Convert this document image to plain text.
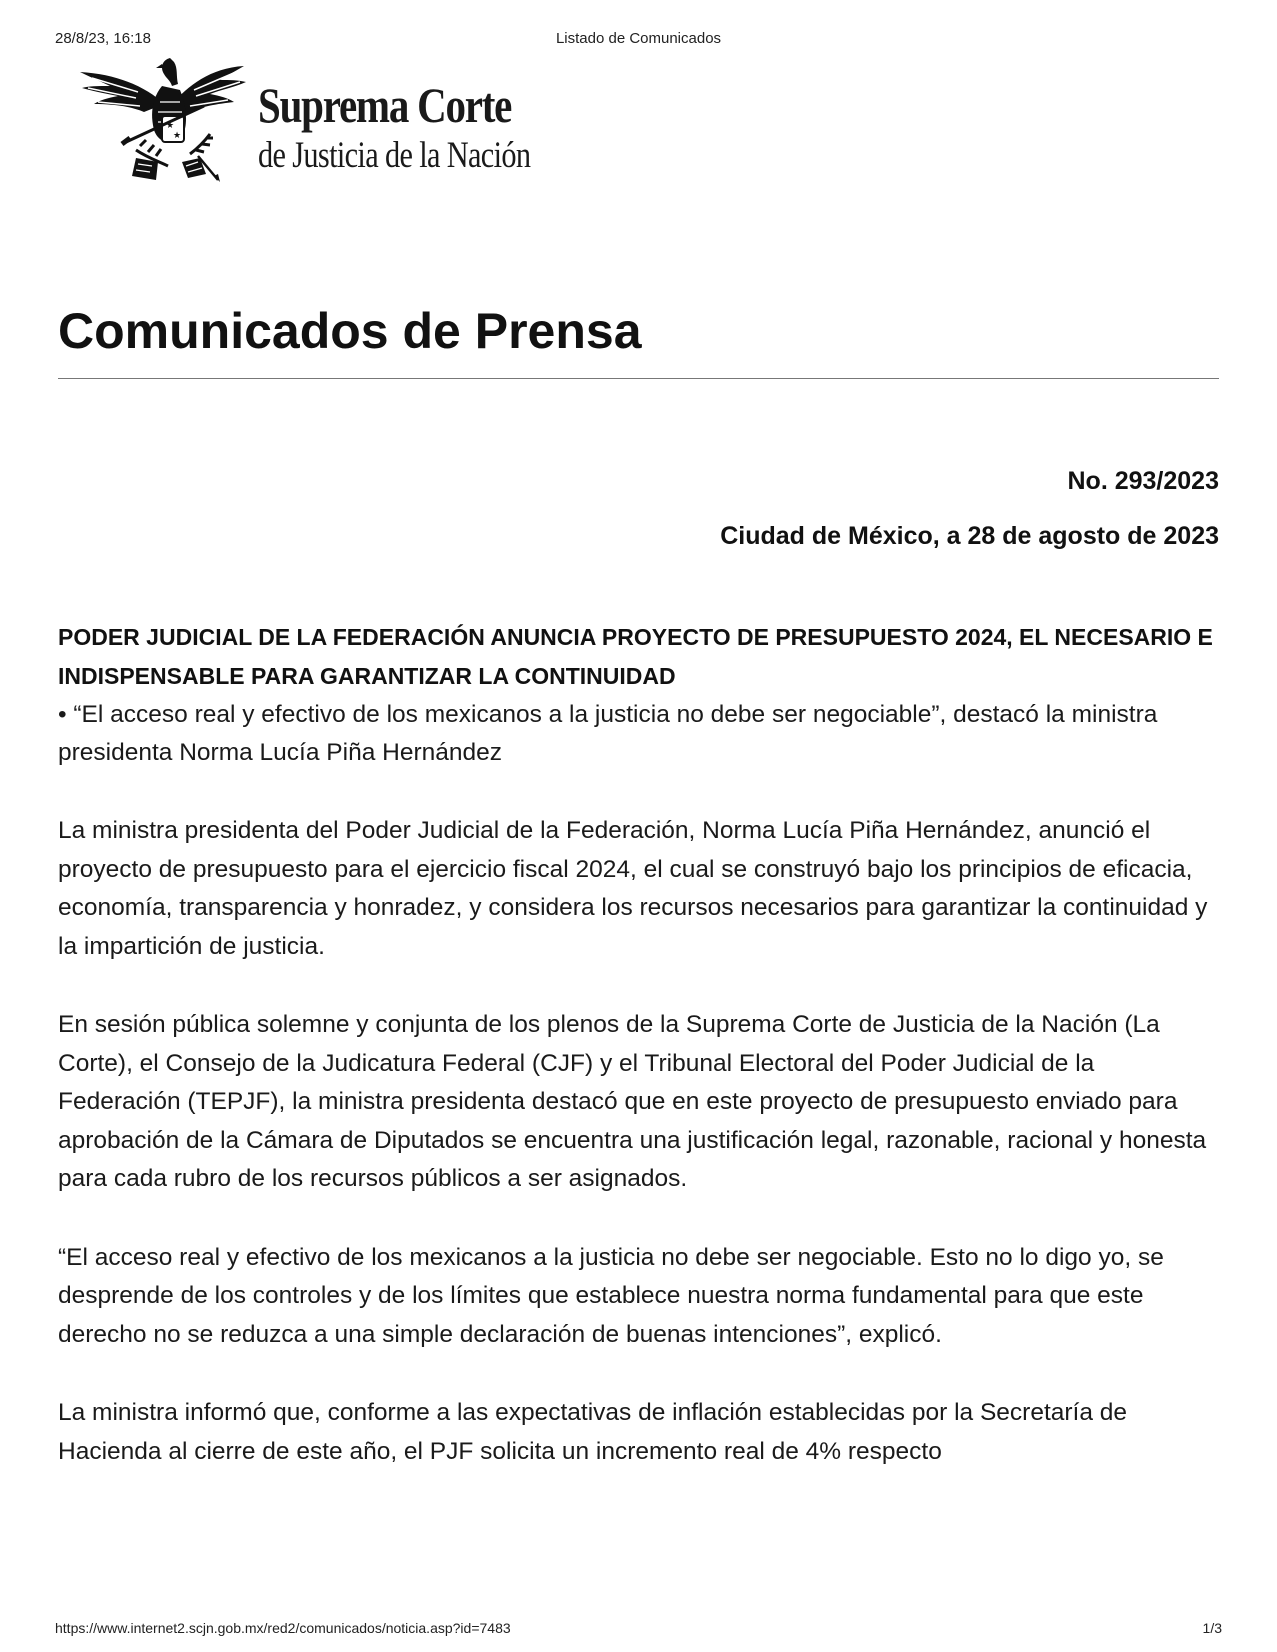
28/8/23, 16:18	Listado de Comunicados
★
★
Suprema Corte
de Justicia de la Nación
Comunicados de Prensa
No. 293/2023
Ciudad de México, a 28 de agosto de 2023
PODER JUDICIAL DE LA FEDERACIÓN ANUNCIA PROYECTO DE PRESUPUESTO 2024, EL NECESARIO E INDISPENSABLE PARA GARANTIZAR LA CONTINUIDAD

• “El acceso real y efectivo de los mexicanos a la justicia no debe ser negociable”, destacó la ministra presidenta Norma Lucía Piña Hernández

La ministra presidenta del Poder Judicial de la Federación, Norma Lucía Piña Hernández, anunció el proyecto de presupuesto para el ejercicio fiscal 2024, el cual se construyó bajo los principios de eficacia, economía, transparencia y honradez, y considera los recursos necesarios para garantizar la continuidad y la impartición de justicia.

En sesión pública solemne y conjunta de los plenos de la Suprema Corte de Justicia de la Nación (La Corte), el Consejo de la Judicatura Federal (CJF) y el Tribunal Electoral del Poder Judicial de la Federación (TEPJF), la ministra presidenta destacó que en este proyecto de presupuesto enviado para aprobación de la Cámara de Diputados se encuentra una justificación legal, razonable, racional y honesta para cada rubro de los recursos públicos a ser asignados.

“El acceso real y efectivo de los mexicanos a la justicia no debe ser negociable. Esto no lo digo yo, se desprende de los controles y de los límites que establece nuestra norma fundamental para que este derecho no se reduzca a una simple declaración de buenas intenciones”, explicó.

La ministra informó que, conforme a las expectativas de inflación establecidas por la Secretaría de Hacienda al cierre de este año, el PJF solicita un incremento real de 4% respecto

https://www.internet2.scjn.gob.mx/red2/comunicados/noticia.asp?id=7483	1/3
